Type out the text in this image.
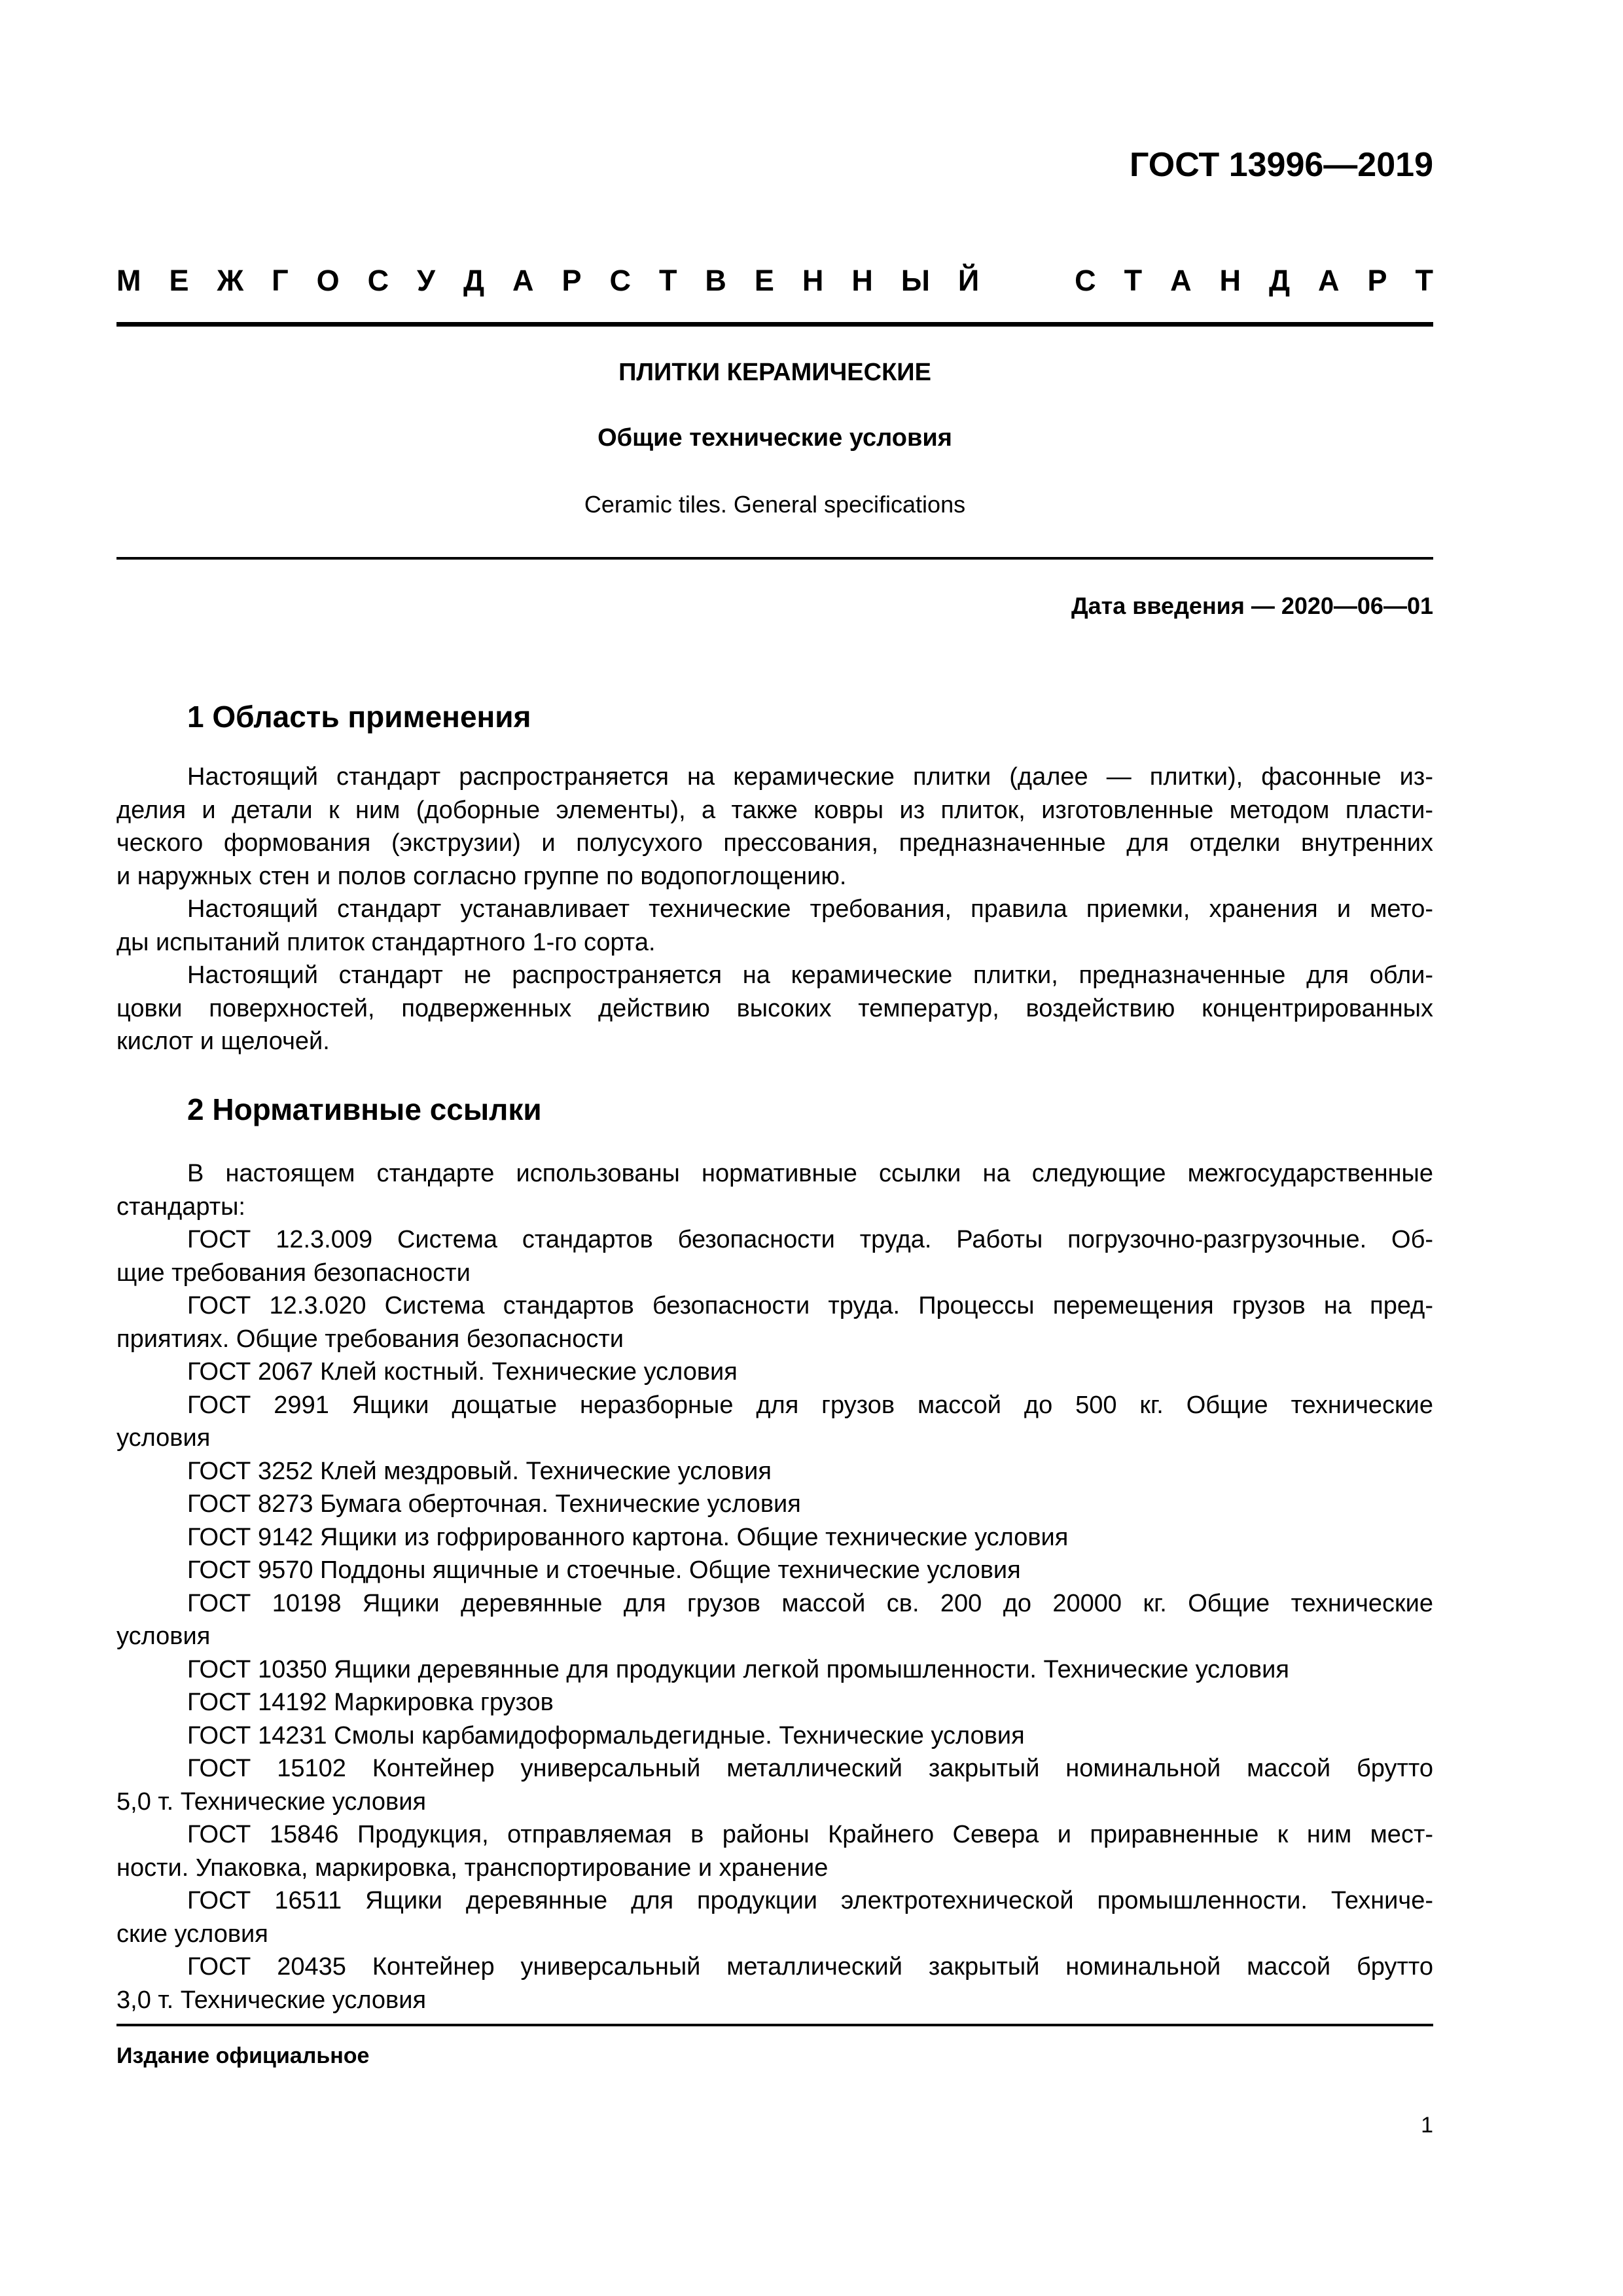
ГОСТ 13996—2019
М Е Ж Г О С У Д А Р С Т В Е Н Н Ы Й	С Т А Н Д А Р Т
ПЛИТКИ КЕРАМИЧЕСКИЕ
Общие технические условия
Ceramic tiles. General specifications
Дата введения — 2020—06—01
1 Область применения
Настоящий стандарт распространяется на керамические плитки (далее — плитки), фасонные из-
делия и детали к ним (доборные элементы), а также ковры из плиток, изготовленные методом пласти-
ческого формования (экструзии) и полусухого прессования, предназначенные для отделки внутренних
и наружных стен и полов согласно группе по водопоглощению.
Настоящий стандарт устанавливает технические требования, правила приемки, хранения и мето-
ды испытаний плиток стандартного 1-го сорта.
Настоящий стандарт не распространяется на керамические плитки, предназначенные для обли-
цовки поверхностей, подверженных действию высоких температур, воздействию концентрированных
кислот и щелочей.
2 Нормативные ссылки
В настоящем стандарте использованы нормативные ссылки на следующие межгосударственные
стандарты:
ГОСТ 12.3.009 Система стандартов безопасности труда. Работы погрузочно-разгрузочные. Об-
щие требования безопасности
ГОСТ 12.3.020 Система стандартов безопасности труда. Процессы перемещения грузов на пред-
приятиях. Общие требования безопасности
ГОСТ 2067 Клей костный. Технические условия
ГОСТ 2991 Ящики дощатые неразборные для грузов массой до 500 кг. Общие технические
условия
ГОСТ 3252 Клей мездровый. Технические условия
ГОСТ 8273 Бумага оберточная. Технические условия
ГОСТ 9142 Ящики из гофрированного картона. Общие технические условия
ГОСТ 9570 Поддоны ящичные и стоечные. Общие технические условия
ГОСТ 10198 Ящики деревянные для грузов массой св. 200 до 20000 кг. Общие технические
условия
ГОСТ 10350 Ящики деревянные для продукции легкой промышленности. Технические условия
ГОСТ 14192 Маркировка грузов
ГОСТ 14231 Смолы карбамидоформальдегидные. Технические условия
ГОСТ 15102 Контейнер универсальный металлический закрытый номинальной массой брутто
5,0 т. Технические условия
ГОСТ 15846 Продукция, отправляемая в районы Крайнего Севера и приравненные к ним мест-
ности. Упаковка, маркировка, транспортирование и хранение
ГОСТ 16511 Ящики деревянные для продукции электротехнической промышленности. Техниче-
ские условия
ГОСТ 20435 Контейнер универсальный металлический закрытый номинальной массой брутто
3,0 т. Технические условия
Издание официальное
1
